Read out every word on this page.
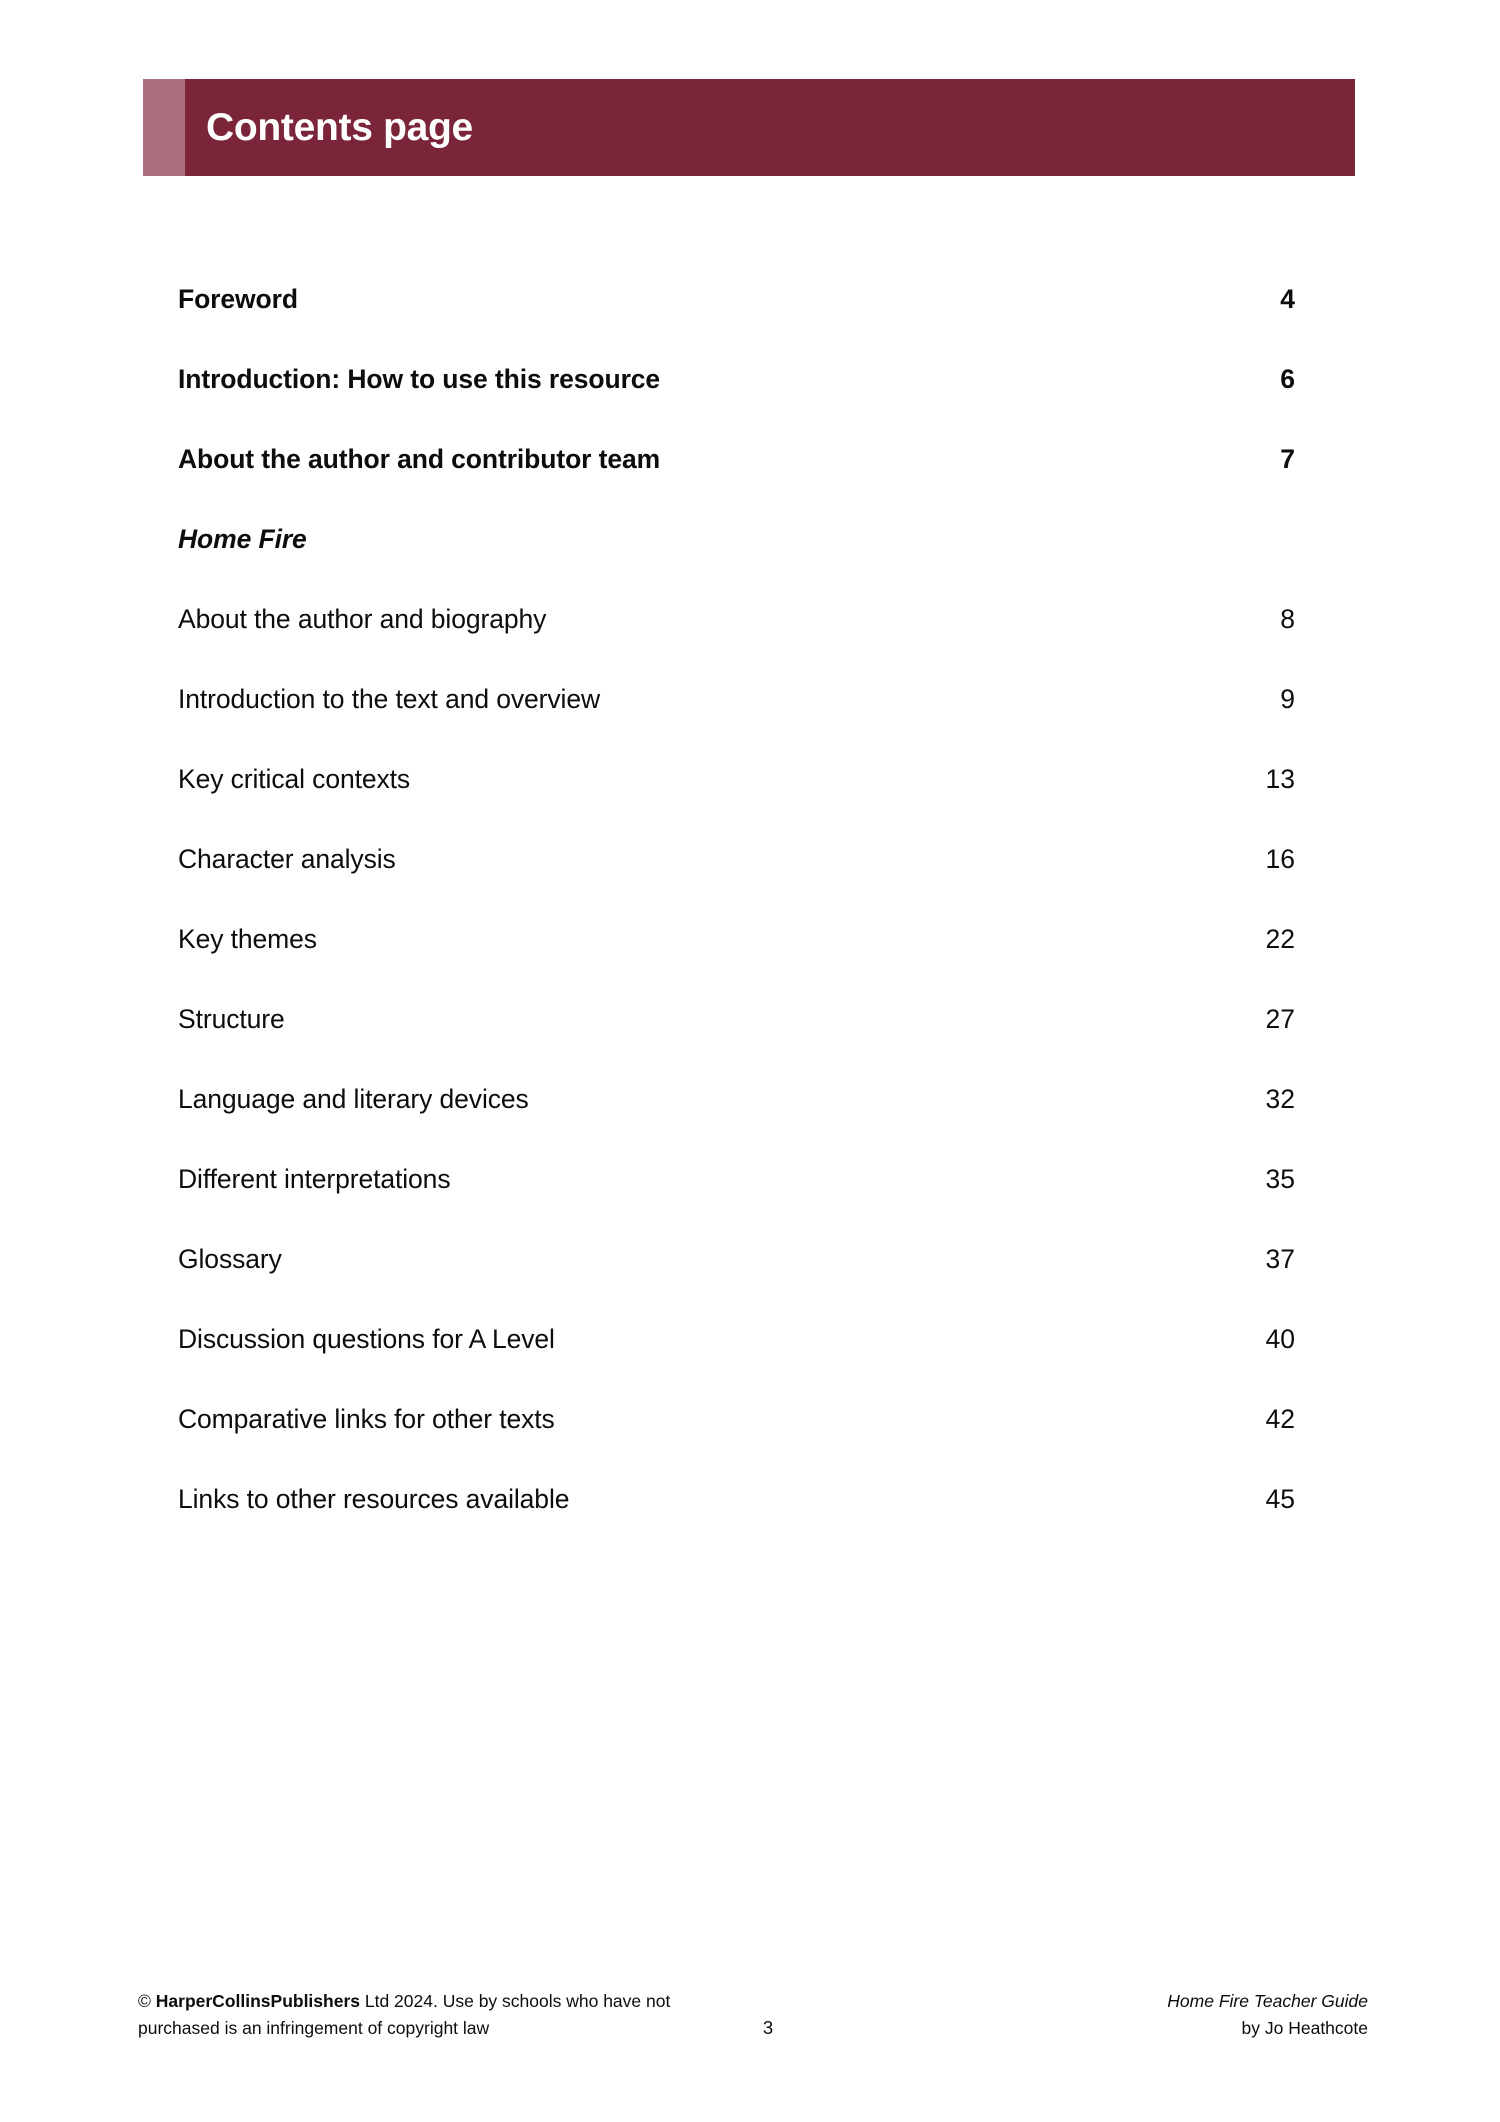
Contents page
Foreword	4
Introduction: How to use this resource	6
About the author and contributor team	7
Home Fire
About the author and biography	8
Introduction to the text and overview	9
Key critical contexts	13
Character analysis	16
Key themes	22
Structure	27
Language and literary devices	32
Different interpretations	35
Glossary	37
Discussion questions for A Level	40
Comparative links for other texts	42
Links to other resources available	45
© HarperCollinsPublishers Ltd 2024. Use by schools who have not purchased is an infringement of copyright law	3
Home Fire Teacher Guide
by Jo Heathcote
